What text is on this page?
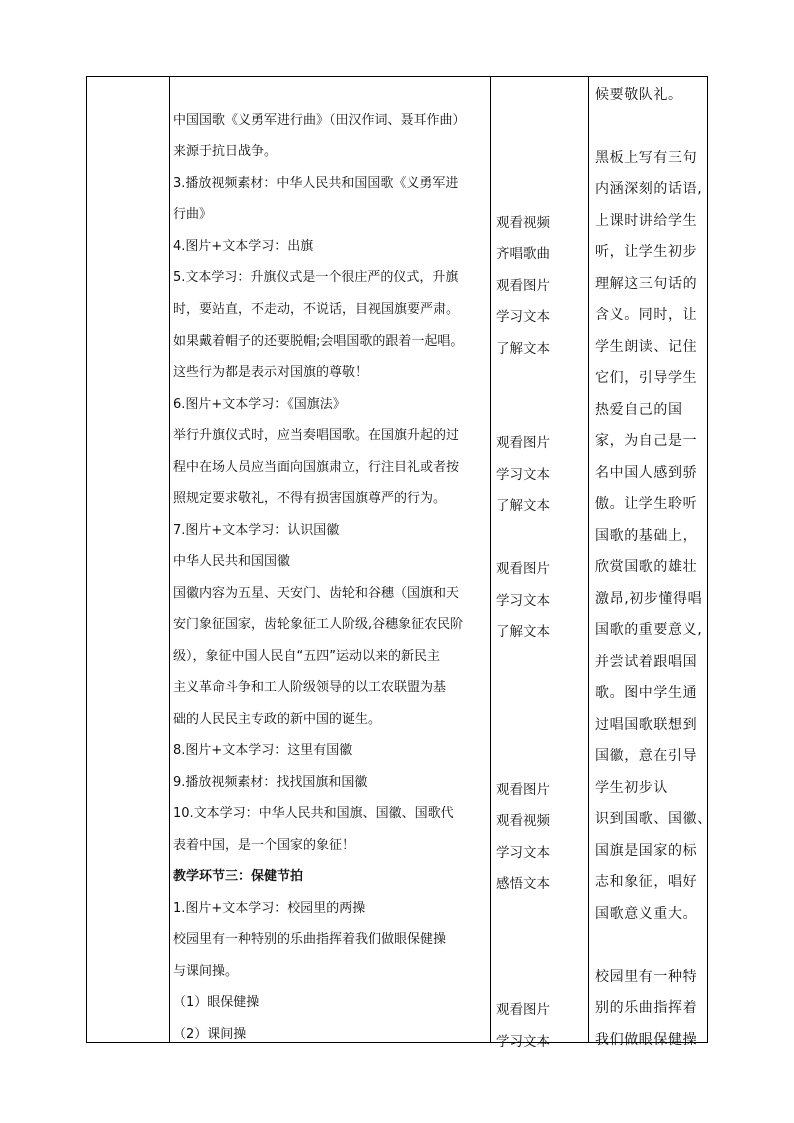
中国国歌《义勇军进行曲》（田汉作词、聂耳作曲）
来源于抗日战争。
3.播放视频素材：中华人民共和国国歌《义勇军进
行曲》
4.图片+文本学习：出旗
5.文本学习：升旗仪式是一个很庄严的仪式，升旗
时，要站直，不走动，不说话，目视国旗要严肃。
如果戴着帽子的还要脱帽;会唱国歌的跟着一起唱。
这些行为都是表示对国旗的尊敬！
6.图片+文本学习：《国旗法》
举行升旗仪式时，应当奏唱国歌。在国旗升起的过
程中在场人员应当面向国旗肃立，行注目礼或者按
照规定要求敬礼，不得有损害国旗尊严的行为。
7.图片+文本学习：认识国徽
中华人民共和国国徽
国徽内容为五星、天安门、齿轮和谷穗（国旗和天
安门象征国家，齿轮象征工人阶级,谷穗象征农民阶
级），象征中国人民自“五四”运动以来的新民主
主义革命斗争和工人阶级领导的以工农联盟为基
础的人民民主专政的新中国的诞生。
8.图片+文本学习：这里有国徽
9.播放视频素材：找找国旗和国徽
10.文本学习：中华人民共和国旗、国徽、国歌代
表着中国，是一个国家的象征！
教学环节三：保健节拍
1.图片+文本学习：校园里的两操
校园里有一种特别的乐曲指挥着我们做眼保健操
与课间操。
（1）眼保健操
（2）课间操
观看视频
齐唱歌曲
观看图片
学习文本
了解文本
观看图片
学习文本
了解文本
观看图片
学习文本
了解文本
观看图片
观看视频
学习文本
感悟文本
观看图片
学习文本
候要敬队礼。
黑板上写有三句
内涵深刻的话语,
上课时讲给学生
听，让学生初步
理解这三句话的
含义。同时，让
学生朗读、记住
它们，引导学生
热爱自己的国
家，为自己是一
名中国人感到骄
傲。让学生聆听
国歌的基础上，
欣赏国歌的雄壮
激昂,初步懂得唱
国歌的重要意义,
并尝试着跟唱国
歌。图中学生通
过唱国歌联想到
国徽，意在引导
学生初步认
识到国歌、国徽、
国旗是国家的标
志和象征，唱好
国歌意义重大。
校园里有一种特
别的乐曲指挥着
我们做眼保健操
